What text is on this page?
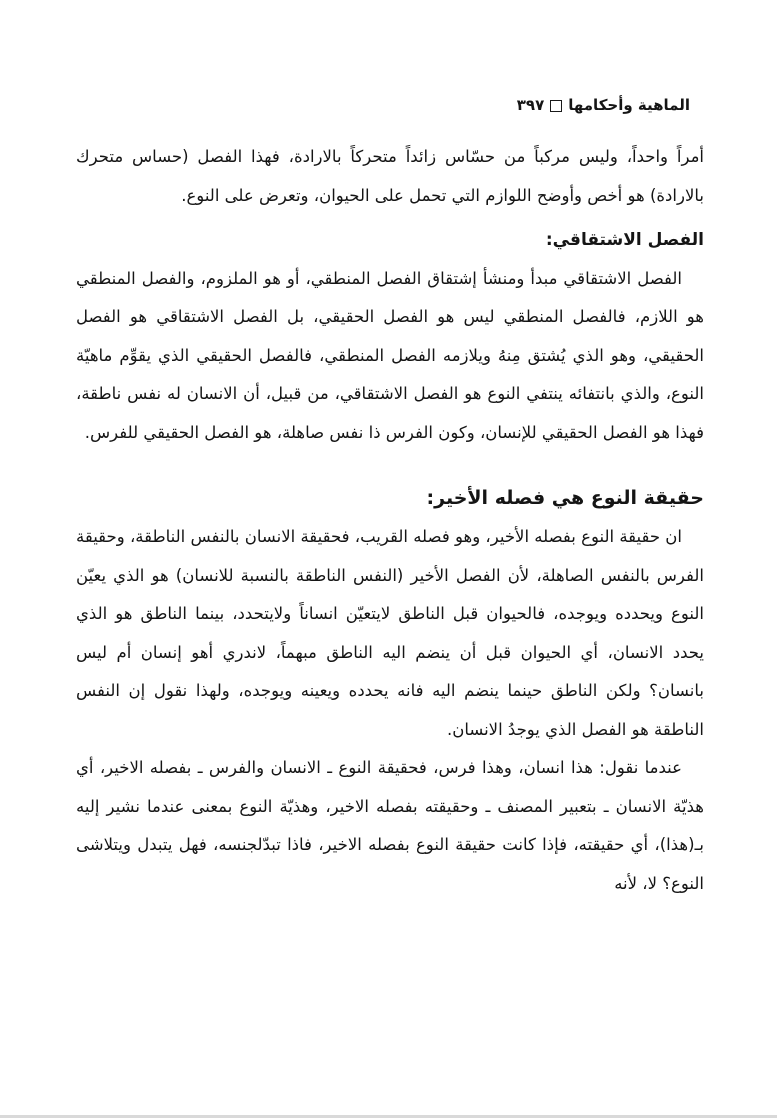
الماهية وأحكامها٣٩٧

أمراً واحداً، وليس مركباً من حسّاس زائداً متحركاً بالارادة، فهذا الفصل (حساس متحرك بالارادة) هو أخص وأوضح اللوازم التي تحمل على الحيوان، وتعرض على النوع.

الفصل الاشتقاقي:

الفصل الاشتقاقي مبدأ ومنشأ إشتقاق الفصل المنطقي، أو هو الملزوم، والفصل المنطقي هو اللازم، فالفصل المنطقي ليس هو الفصل الحقيقي، بل الفصل الاشتقاقي هو الفصل الحقيقي، وهو الذي يُشتق مِنهُ ويلازمه الفصل المنطقي، فالفصل الحقيقي الذي يقوِّم ماهيّة النوع، والذي بانتفائه ينتفي النوع هو الفصل الاشتقاقي، من قبيل، أن الانسان له نفس ناطقة، فهذا هو الفصل الحقيقي للإنسان، وكون الفرس ذا نفس صاهلة، هو الفصل الحقيقي للفرس.

حقيقة النوع هي فصله الأخير:

ان حقيقة النوع بفصله الأخير، وهو فصله القريب، فحقيقة الانسان بالنفس الناطقة، وحقيقة الفرس بالنفس الصاهلة، لأن الفصل الأخير (النفس الناطقة بالنسبة للانسان) هو الذي يعيّن النوع ويحدده ويوجده، فالحيوان قبل الناطق لايتعيّن انساناً ولايتحدد، بينما الناطق هو الذي يحدد الانسان، أي الحيوان قبل أن ينضم اليه الناطق مبهماً، لاندري أهو إنسان أم ليس بانسان؟ ولكن الناطق حينما ينضم اليه فانه يحدده ويعينه ويوجده، ولهذا نقول إن النفس الناطقة هو الفصل الذي يوجدُ الانسان.

عندما نقول: هذا انسان، وهذا فرس، فحقيقة النوع ـ الانسان والفرس ـ بفصله الاخير، أي هذيّة الانسان ـ بتعبير المصنف ـ وحقيقته بفصله الاخير، وهذيّة النوع بمعنى عندما نشير إليه بـ(هذا)، أي حقيقته، فإذا كانت حقيقة النوع بفصله الاخير، فاذا تبدّلجنسه، فهل يتبدل ويتلاشى النوع؟ لا، لأنه
